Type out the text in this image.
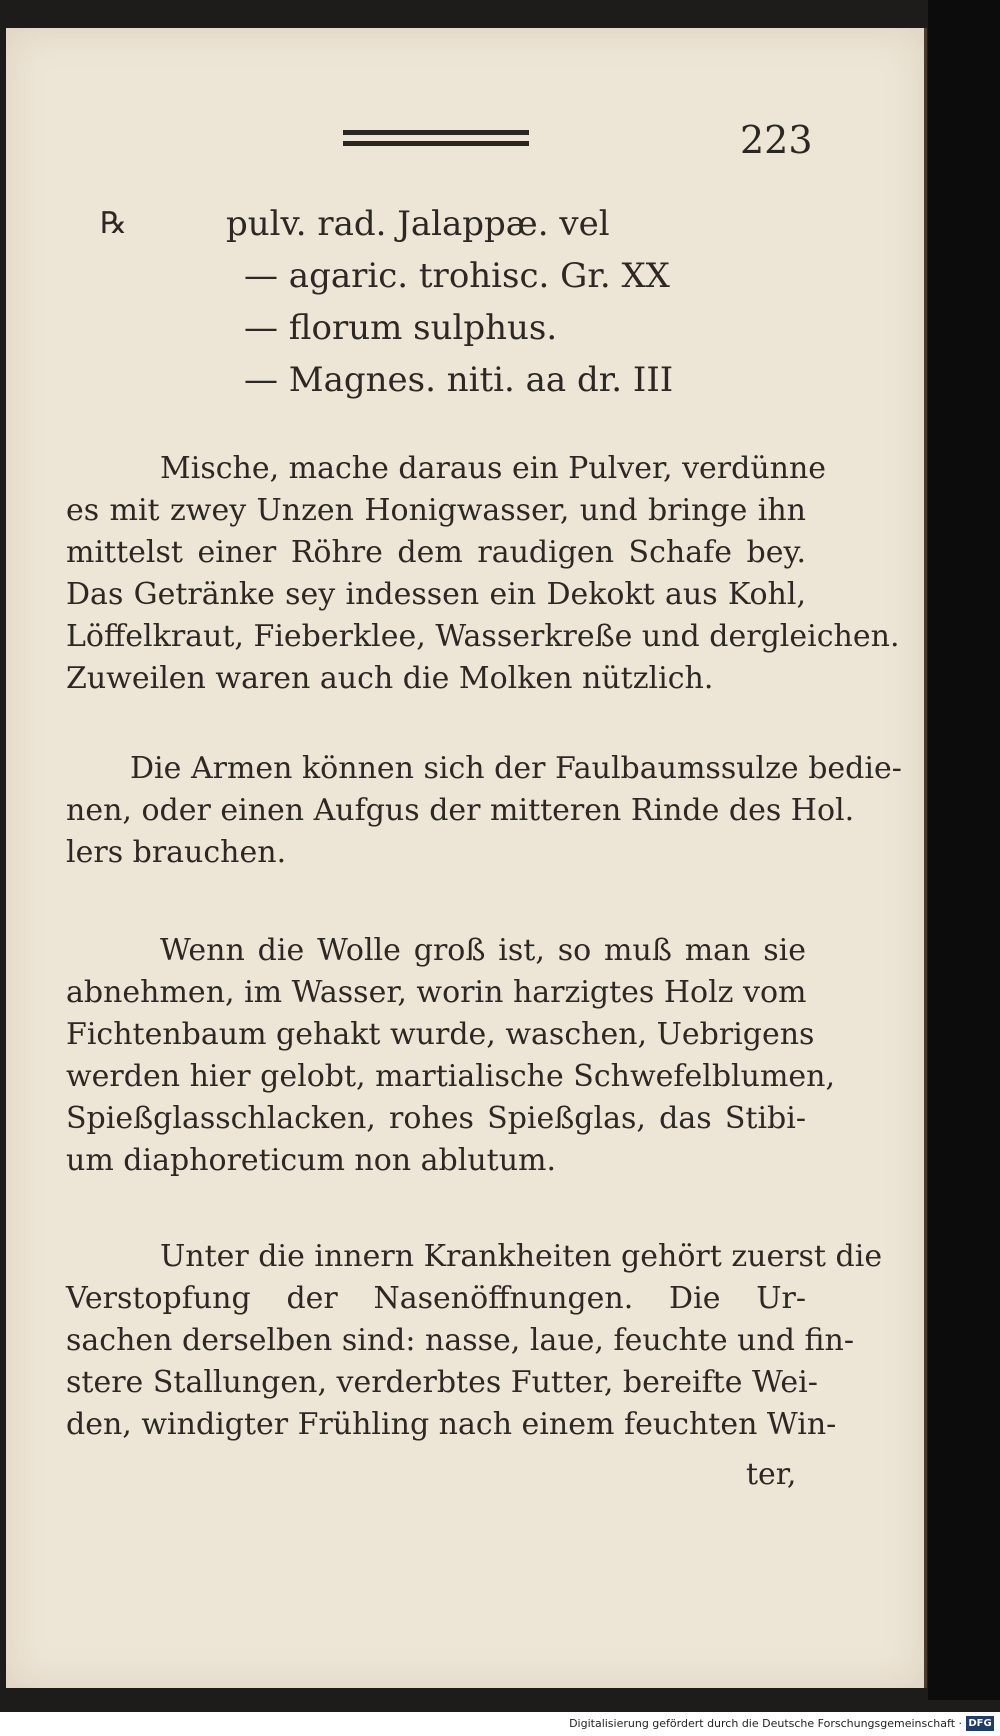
223
℞	pulv. rad. Jalappæ. vel
— agaric. trohisc. Gr. XX
— florum sulphus.
— Magnes. niti. aa dr. III
Mische, mache daraus ein Pulver, verdünne
es mit zwey Unzen Honigwasser, und bringe ihn
mittelst einer Röhre dem raudigen Schafe bey.
Das Getränke sey indessen ein Dekokt aus Kohl,
Löffelkraut, Fieberklee, Wasserkreße und dergleichen.
Zuweilen waren auch die Molken nützlich.
Die Armen können sich der Faulbaumssulze bedie-
nen, oder einen Aufgus der mitteren Rinde des Hol.
lers brauchen.
Wenn die Wolle groß ist, so muß man sie
abnehmen, im Wasser, worin harzigtes Holz vom
Fichtenbaum gehakt wurde, waschen, Uebrigens
werden hier gelobt, martialische Schwefelblumen,
Spießglasschlacken, rohes Spießglas, das Stibi-
um diaphoreticum non ablutum.
Unter die innern Krankheiten gehört zuerst die
Verstopfung der Nasenöffnungen. Die Ur-
sachen derselben sind: nasse, laue, feuchte und fin-
stere Stallungen, verderbtes Futter, bereifte Wei-
den, windigter Frühling nach einem feuchten Win-
ter,
Digitalisierung gefördert durch die Deutsche Forschungsgemeinschaft · DFG
